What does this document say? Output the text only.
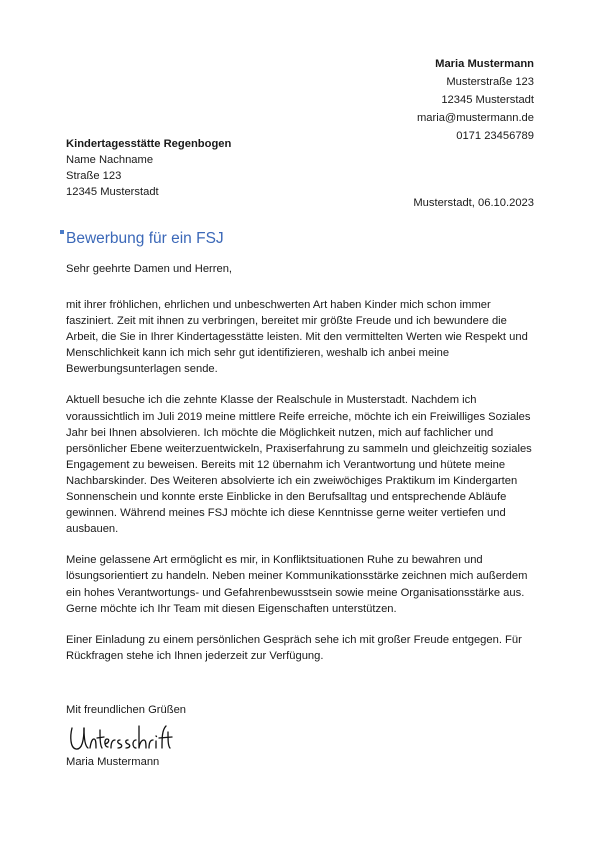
Maria Mustermann
Musterstraße 123
12345 Musterstadt
maria@mustermann.de
0171 23456789
Kindertagesstätte Regenbogen
Name Nachname
Straße 123
12345 Musterstadt
Musterstadt, 06.10.2023
Bewerbung für ein FSJ
Sehr geehrte Damen und Herren,

mit ihrer fröhlichen, ehrlichen und unbeschwerten Art haben Kinder mich schon immer fasziniert. Zeit mit ihnen zu verbringen, bereitet mir größte Freude und ich bewundere die Arbeit, die Sie in Ihrer Kindertagesstätte leisten. Mit den vermittelten Werten wie Respekt und Menschlichkeit kann ich mich sehr gut identifizieren, weshalb ich anbei meine Bewerbungsunterlagen sende.

Aktuell besuche ich die zehnte Klasse der Realschule in Musterstadt. Nachdem ich voraussichtlich im Juli 2019 meine mittlere Reife erreiche, möchte ich ein Freiwilliges Soziales Jahr bei Ihnen absolvieren. Ich möchte die Möglichkeit nutzen, mich auf fachlicher und persönlicher Ebene weiterzuentwickeln, Praxiserfahrung zu sammeln und gleichzeitig soziales Engagement zu beweisen. Bereits mit 12 übernahm ich Verantwortung und hütete meine Nachbarskinder. Des Weiteren absolvierte ich ein zweiwöchiges Praktikum im Kindergarten Sonnenschein und konnte erste Einblicke in den Berufsalltag und entsprechende Abläufe gewinnen. Während meines FSJ möchte ich diese Kenntnisse gerne weiter vertiefen und ausbauen.

Meine gelassene Art ermöglicht es mir, in Konfliktsituationen Ruhe zu bewahren und lösungsorientiert zu handeln. Neben meiner Kommunikationsstärke zeichnen mich außerdem ein hohes Verantwortungs- und Gefahrenbewusstsein sowie meine Organisationsstärke aus. Gerne möchte ich Ihr Team mit diesen Eigenschaften unterstützen.

Einer Einladung zu einem persönlichen Gespräch sehe ich mit großer Freude entgegen. Für Rückfragen stehe ich Ihnen jederzeit zur Verfügung.

Mit freundlichen Grüßen
Maria Mustermann
